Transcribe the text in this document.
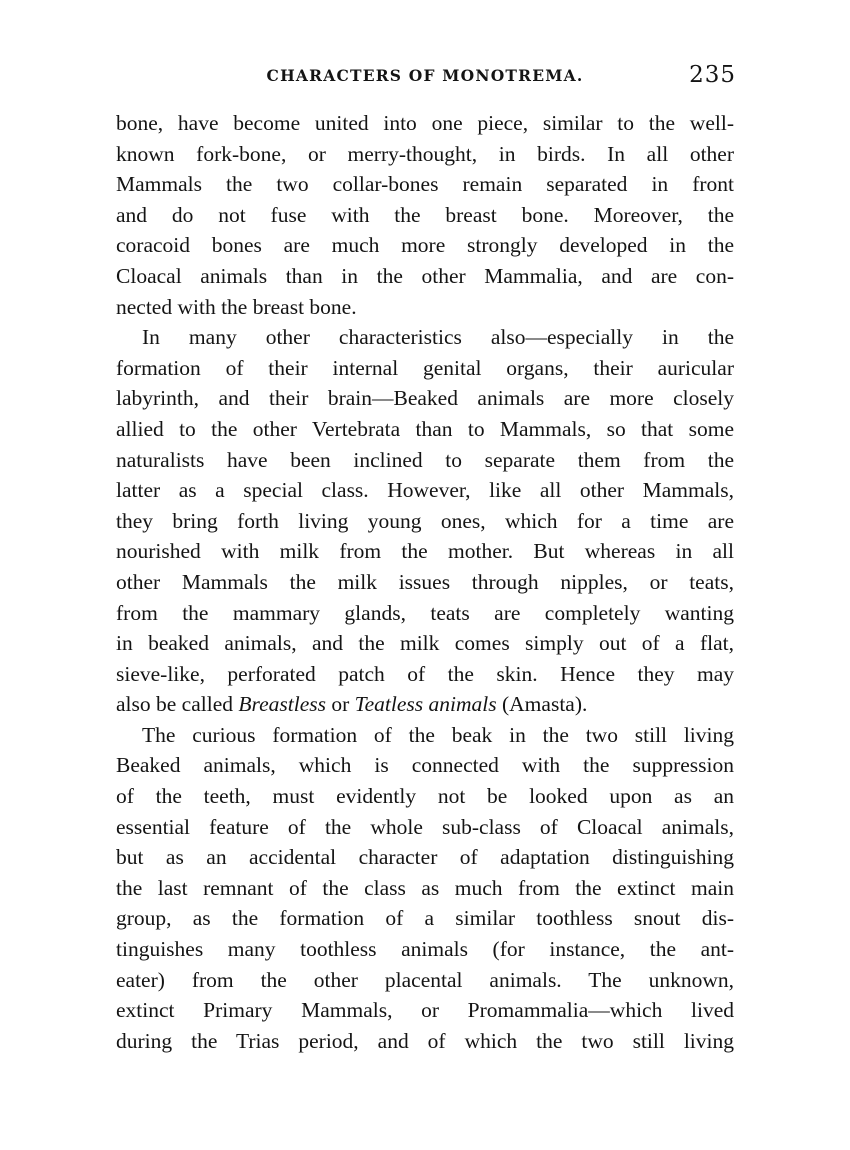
CHARACTERS OF MONOTREMA.	235
bone, have become united into one piece, similar to the well-
known fork-bone, or merry-thought, in birds. In all other
Mammals the two collar-bones remain separated in front
and do not fuse with the breast bone. Moreover, the
coracoid bones are much more strongly developed in the
Cloacal animals than in the other Mammalia, and are con-
nected with the breast bone.
In many other characteristics also—especially in the
formation of their internal genital organs, their auricular
labyrinth, and their brain—Beaked animals are more closely
allied to the other Vertebrata than to Mammals, so that some
naturalists have been inclined to separate them from the
latter as a special class. However, like all other Mammals,
they bring forth living young ones, which for a time are
nourished with milk from the mother. But whereas in all
other Mammals the milk issues through nipples, or teats,
from the mammary glands, teats are completely wanting
in beaked animals, and the milk comes simply out of a flat,
sieve-like, perforated patch of the skin. Hence they may
also be called Breastless or Teatless animals (Amasta).
The curious formation of the beak in the two still living
Beaked animals, which is connected with the suppression
of the teeth, must evidently not be looked upon as an
essential feature of the whole sub-class of Cloacal animals,
but as an accidental character of adaptation distinguishing
the last remnant of the class as much from the extinct main
group, as the formation of a similar toothless snout dis-
tinguishes many toothless animals (for instance, the ant-
eater) from the other placental animals. The unknown,
extinct Primary Mammals, or Promammalia—which lived
during the Trias period, and of which the two still living
